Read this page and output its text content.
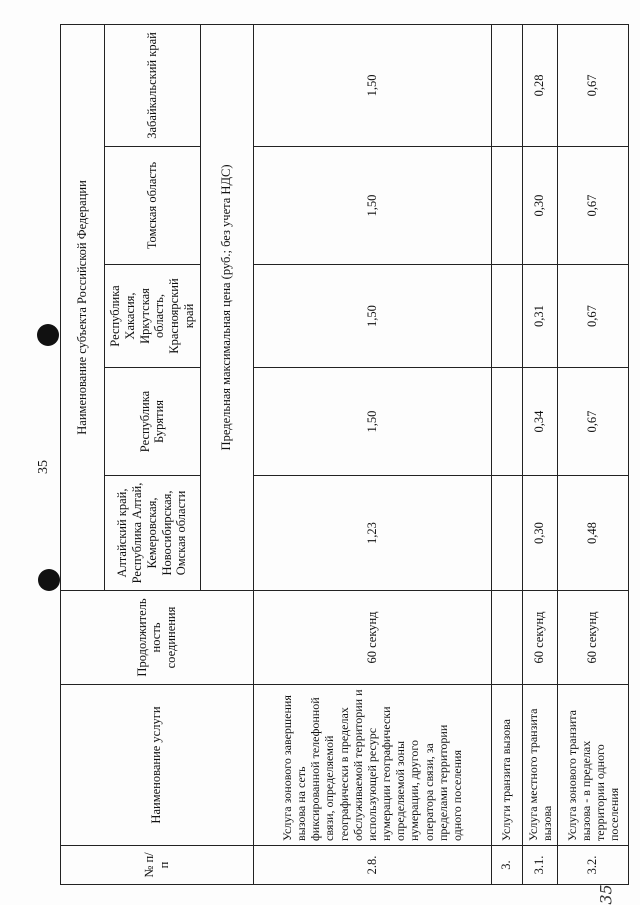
35
35
№ п/п	Наименование услуги	Продолжитель ность соединения	Наименование субъекта Российской Федерации				
			Алтайский край, Республика Алтай, Кемеровская, Новосибирская, Омская области	Республика Бурятия	Республика Хакасия, Иркутская область, Красноярский край	Томская область	Забайкальский край
			Предельная максимальная цена (руб.; без учета НДС)				
2.8.	Услуга зонового завершения вызова на сеть фиксированной телефонной связи, определяемой географически в пределах обслуживаемой территории и использующей ресурс нумерации географически определяемой зоны нумерации, другого оператора связи, за пределами территории одного поселения	60 секунд	1,23	1,50	1,50	1,50	1,50
3.	Услуги транзита вызова						
3.1.	Услуга местного транзита вызова	60 секунд	0,30	0,34	0,31	0,30	0,28
3.2.	Услуга зонового транзита вызова - в пределах территории одного поселения	60 секунд	0,48	0,67	0,67	0,67	0,67
